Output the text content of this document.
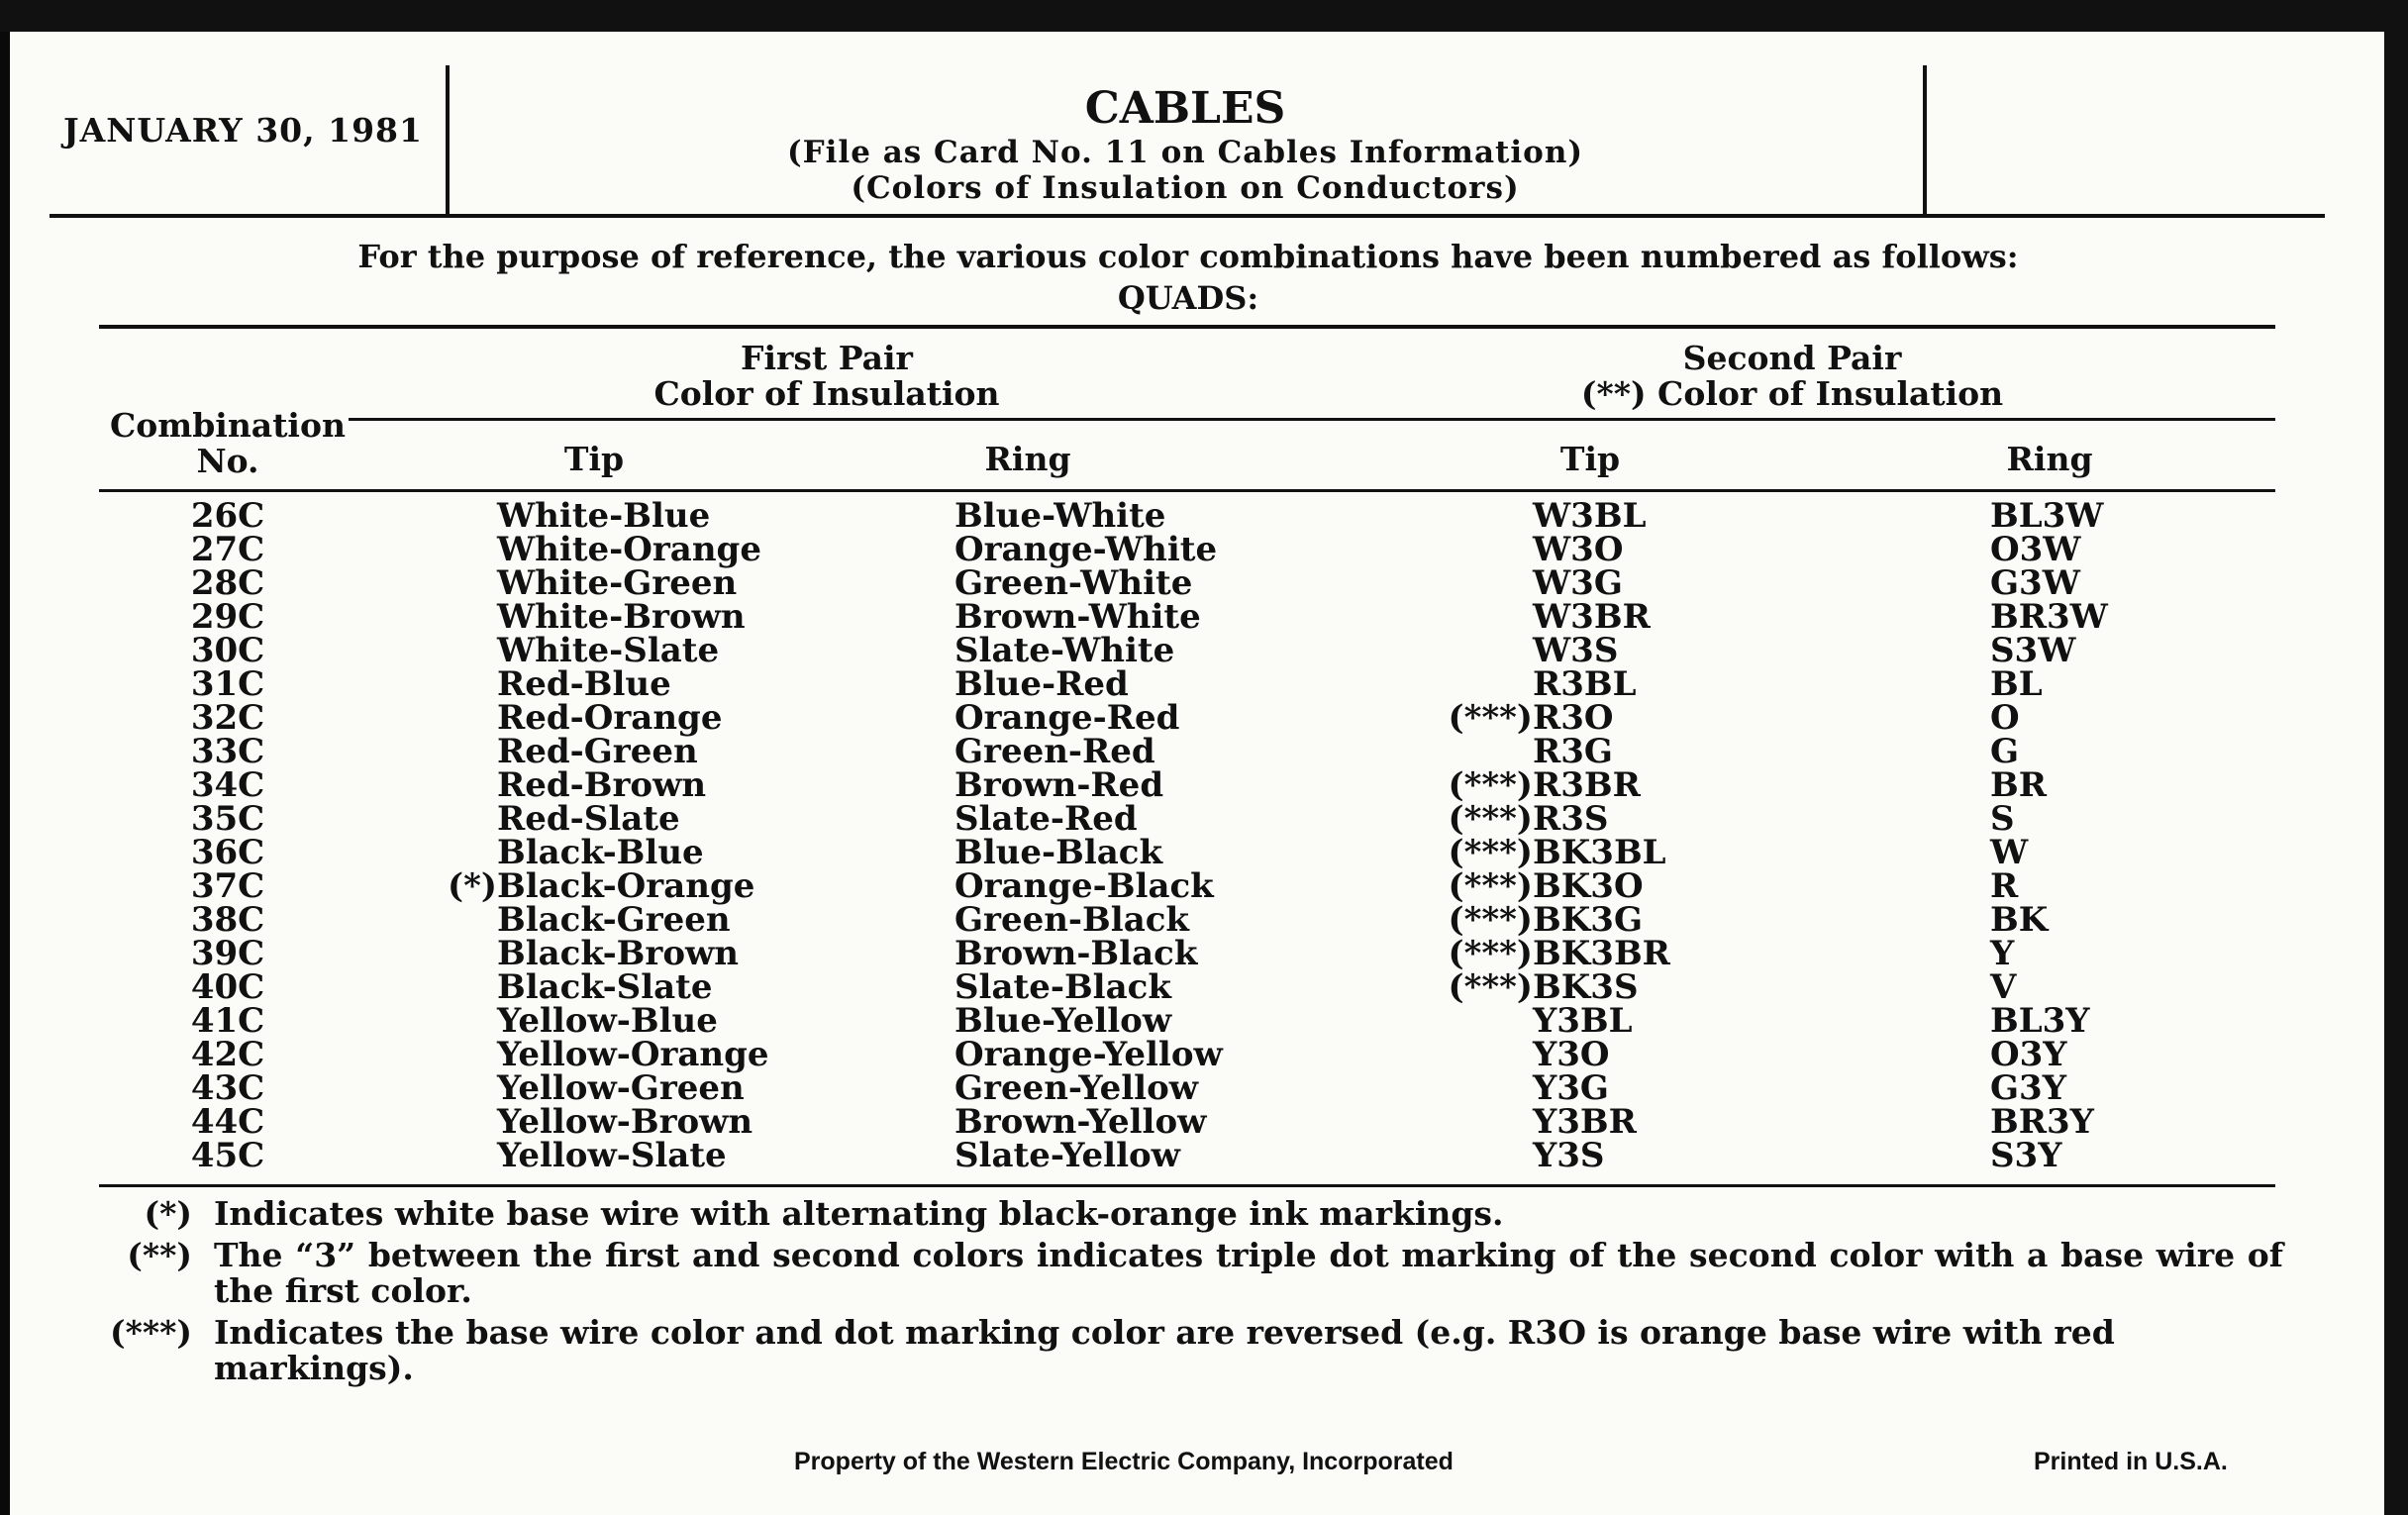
JANUARY 30, 1981	CABLES
(File as Card No. 11 on Cables Information)
(Colors of Insulation on Conductors)
For the purpose of reference, the various color combinations have been numbered as follows:
QUADS:
Combination
No.
First Pair
Color of Insulation
Second Pair
(**) Color of Insulation
Tip	Ring	Tip	Ring
26C	White-Blue	Blue-White	W3BL	BL3W
27C	White-Orange	Orange-White	W3O	O3W
28C	White-Green	Green-White	W3G	G3W
29C	White-Brown	Brown-White	W3BR	BR3W
30C	White-Slate	Slate-White	W3S	S3W
31C	Red-Blue	Blue-Red	R3BL	BL
32C	Red-Orange	Orange-Red	(***) R3O	O
33C	Red-Green	Green-Red	R3G	G
34C	Red-Brown	Brown-Red	(***) R3BR	BR
35C	Red-Slate	Slate-Red	(***) R3S	S
36C	Black-Blue	Blue-Black	(***) BK3BL	W
37C	(*) Black-Orange	Orange-Black	(***) BK3O	R
38C	Black-Green	Green-Black	(***) BK3G	BK
39C	Black-Brown	Brown-Black	(***) BK3BR	Y
40C	Black-Slate	Slate-Black	(***) BK3S	V
41C	Yellow-Blue	Blue-Yellow	Y3BL	BL3Y
42C	Yellow-Orange	Orange-Yellow	Y3O	O3Y
43C	Yellow-Green	Green-Yellow	Y3G	G3Y
44C	Yellow-Brown	Brown-Yellow	Y3BR	BR3Y
45C	Yellow-Slate	Slate-Yellow	Y3S	S3Y
(*) Indicates white base wire with alternating black-orange ink markings.
(**) The “3” between the first and second colors indicates triple dot marking of the second color with a base wire of the first color.
(***) Indicates the base wire color and dot marking color are reversed (e.g. R3O is orange base wire with red markings).
Property of the Western Electric Company, Incorporated	Printed in U.S.A.
